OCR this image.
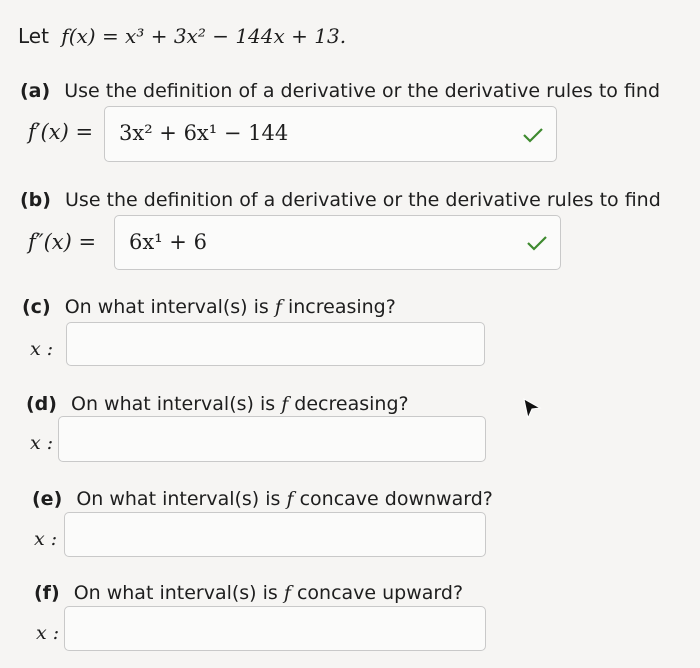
Let f(x) = x³ + 3x² − 144x + 13.
(a) Use the definition of a derivative or the derivative rules to find
f′(x) = 3x² + 6x¹ − 144
(b) Use the definition of a derivative or the derivative rules to find
f″(x) = 6x¹ + 6
(c) On what interval(s) is f increasing?
x :
(d) On what interval(s) is f decreasing?
x :
(e) On what interval(s) is f concave downward?
x :
(f) On what interval(s) is f concave upward?
x :
